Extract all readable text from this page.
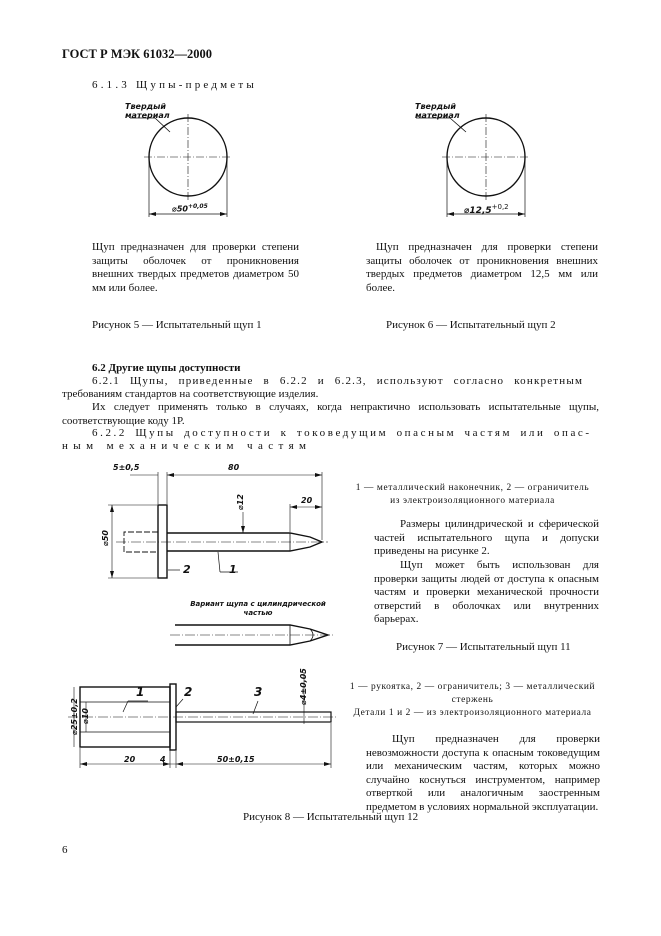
ГОСТ Р МЭК 61032—2000
6.1.3 Щупы-предметы
Твердый
материал
$⌀50^{+0,05}$
Твердый
материал
$⌀12,5^{+0,2}$
Щуп предназначен для проверки степени защиты оболочек от проникновения внешних твердых предметов диаметром 50 мм или более.
Щуп предназначен для проверки степени защиты оболочек от проникновения внешних твердых предметов диаметром 12,5 мм или более.
Рисунок 5 — Испытательный щуп 1	Рисунок 6 — Испытательный щуп 2
6.2 Другие щупы доступности
6.2.1 Щупы, приведенные в 6.2.2 и 6.2.3, используют согласно конкретным
требованиям стандартов на соответствующие изделия.
Их следует применять только в случаях, когда непрактично использовать испытательные щупы, соответствующие коду 1P.
6.2.2 Щупы доступности к токоведущим опасным частям или опас-
ным механическим частям
5±0,5	80
20
⌀12
⌀50
2	1
Вариант щупа с цилиндрической
частью
1 — металлический наконечник, 2 — ограничитель
из электроизоляционного материала
Размеры цилиндрической и сферической частей испытательного щупа и допуски приведены на рисунке 2.
Щуп может быть использован для проверки защиты людей от доступа к опасным частям и проверки механической прочности отверстий в оболочках или внутренних барьерах.
Рисунок 7 — Испытательный щуп 11
⌀25±0,2 ⌀10
⌀4±0,05
20	4	50±0,15
1	2	3	1 — рукоятка, 2 — ограничитель; 3 — металлический стержень
Детали 1 и 2 — из электроизоляционного материала
Щуп предназначен для проверки невозможности доступа к опасным токоведущим или механическим частям, которых можно случайно коснуться инструментом, например отверткой или аналогичным заостренным предметом в условиях нормальной эксплуатации.
Рисунок 8 — Испытательный щуп 12
6
